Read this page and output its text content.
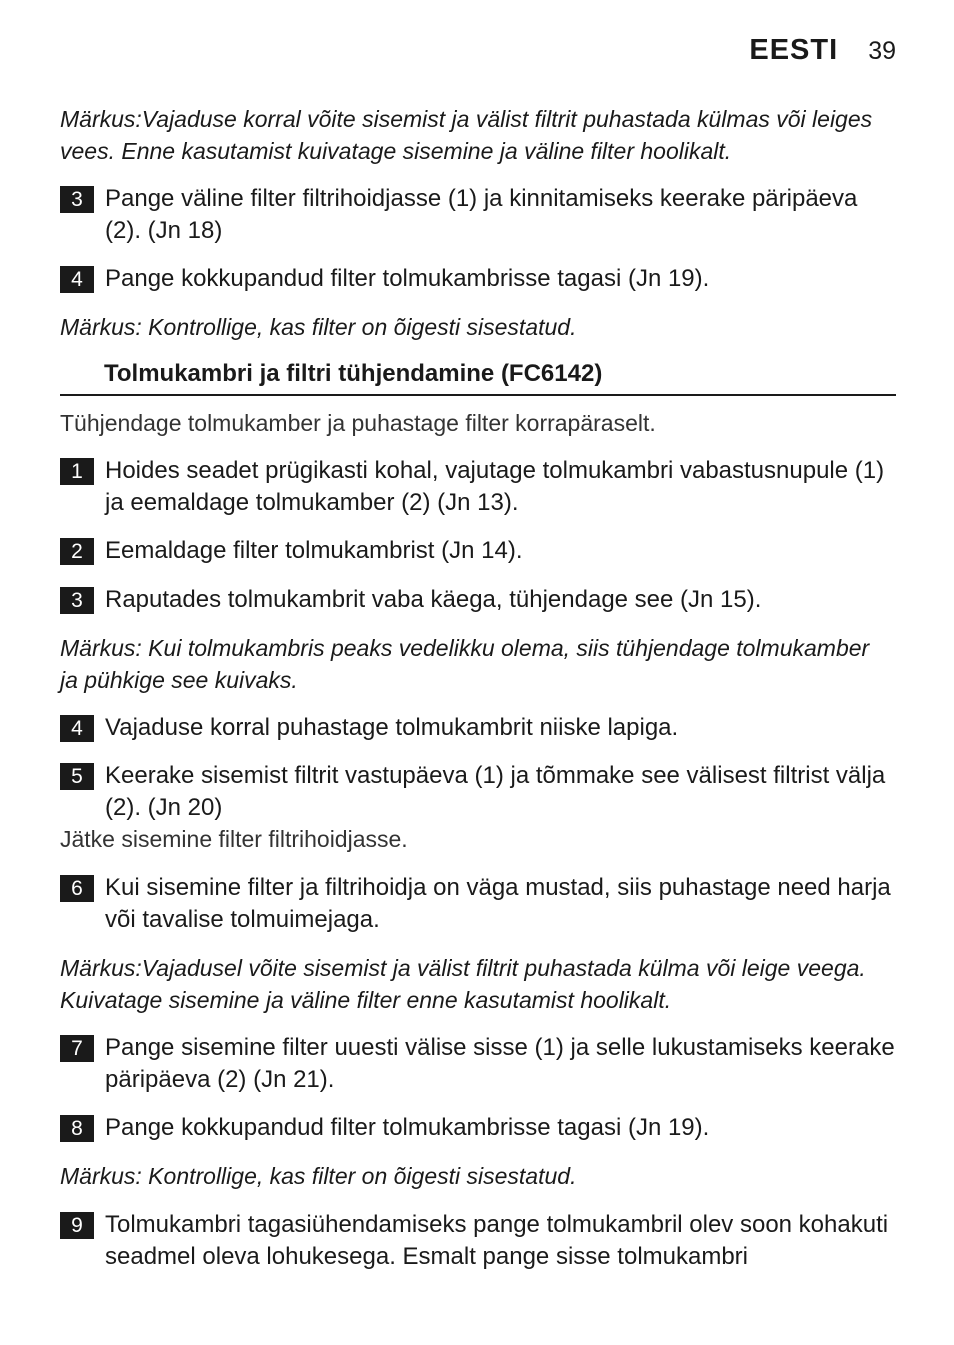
EESTI 39
Märkus:Vajaduse korral võite sisemist ja välist filtrit puhastada külmas või leiges vees. Enne kasutamist kuivatage sisemine ja väline filter hoolikalt.
3 Pange väline filter filtrihoidjasse (1) ja kinnitamiseks keerake päripäeva (2). (Jn 18)
4 Pange kokkupandud filter tolmukambrisse tagasi (Jn 19).
Märkus: Kontrollige, kas filter on õigesti sisestatud.
Tolmukambri ja filtri tühjendamine (FC6142)
Tühjendage tolmukamber ja puhastage filter korrapäraselt.
1 Hoides seadet prügikasti kohal, vajutage tolmukambri vabastusnupule (1) ja eemaldage tolmukamber (2) (Jn 13).
2 Eemaldage filter tolmukambrist (Jn 14).
3 Raputades tolmukambrit vaba käega, tühjendage see (Jn 15).
Märkus: Kui tolmukambris peaks vedelikku olema, siis tühjendage tolmukamber ja pühkige see kuivaks.
4 Vajaduse korral puhastage tolmukambrit niiske lapiga.
5 Keerake sisemist filtrit vastupäeva (1) ja tõmmake see välisest filtrist välja (2). (Jn 20)
Jätke sisemine filter filtrihoidjasse.
6 Kui sisemine filter ja filtrihoidja on väga mustad, siis puhastage need harja või tavalise tolmuimejaga.
Märkus:Vajadusel võite sisemist ja välist filtrit puhastada külma või leige veega. Kuivatage sisemine ja väline filter enne kasutamist hoolikalt.
7 Pange sisemine filter uuesti välise sisse (1) ja selle lukustamiseks keerake päripäeva (2) (Jn 21).
8 Pange kokkupandud filter tolmukambrisse tagasi (Jn 19).
Märkus: Kontrollige, kas filter on õigesti sisestatud.
9 Tolmukambri tagasiühendamiseks pange tolmukambril olev soon kohakuti seadmel oleva lohukesega. Esmalt pange sisse tolmukambri
